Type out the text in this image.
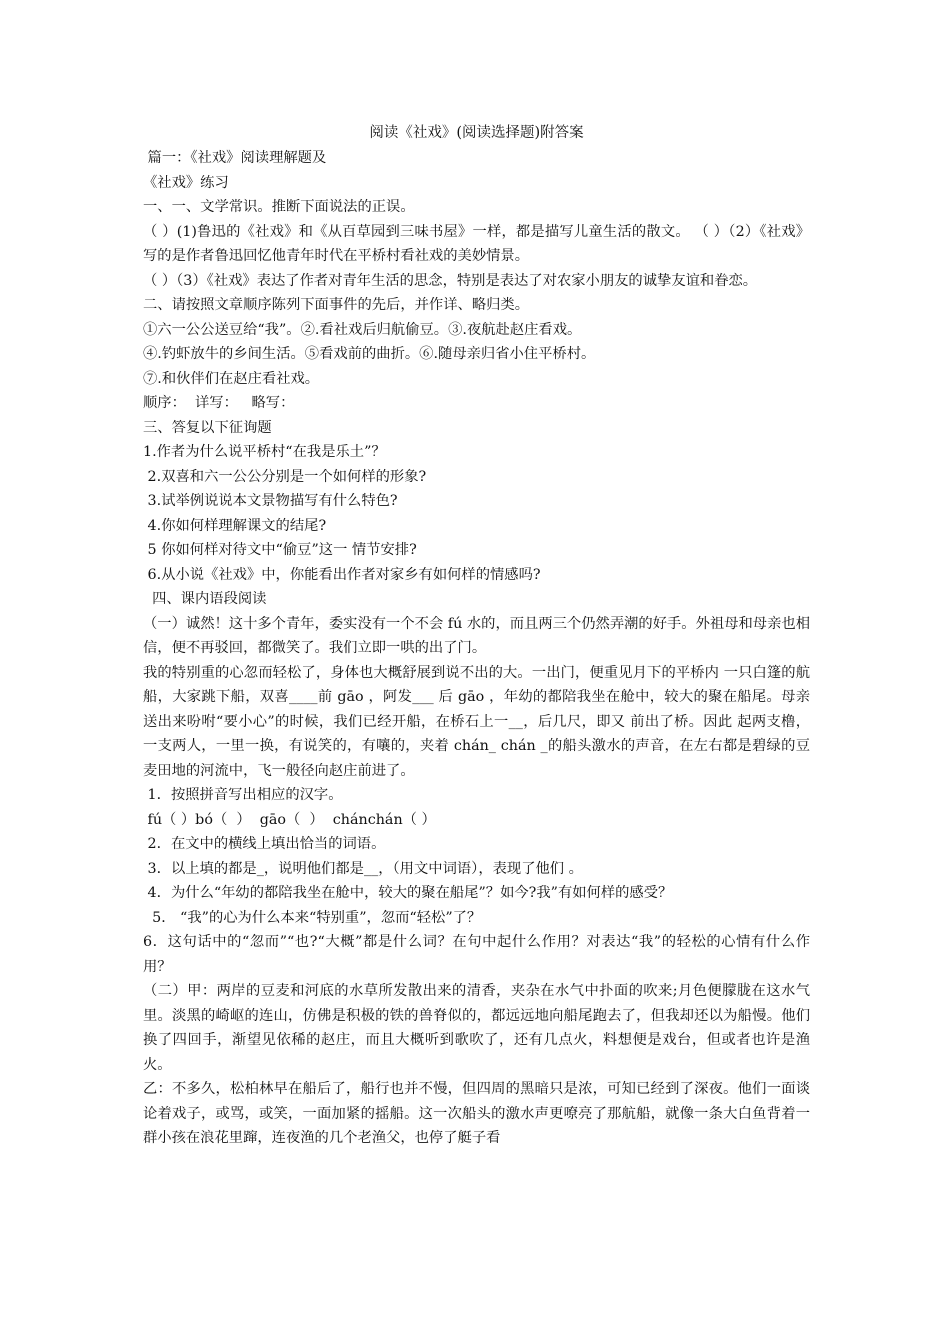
阅读《社戏》(阅读选择题)附答案

篇一：《社戏》阅读理解题及

《社戏》练习

一、一、文学常识。推断下面说法的正误。

（ ）(1)鲁迅的《社戏》和《从百草园到三味书屋》一样，都是描写儿童生活的散文。 （ ）（2）《社戏》写的是作者鲁迅回忆他青年时代在平桥村看社戏的美妙情景。

（ ）（3）《社戏》表达了作者对青年生活的思念，特别是表达了对农家小朋友的诚挚友谊和眷恋。

二、请按照文章顺序陈列下面事件的先后，并作详、略归类。

①六一公公送豆给“我”。②.看社戏后归航偷豆。③.夜航赴赵庄看戏。

④.钓虾放牛的乡间生活。⑤看戏前的曲折。⑥.随母亲归省小住平桥村。

⑦.和伙伴们在赵庄看社戏。

顺序：  详写：   略写：

三、答复以下征询题

1.作者为什么说平桥村“在我是乐土”？

2.双喜和六一公公分别是一个如何样的形象?

3.试举例说说本文景物描写有什么特色?

4.你如何样理解课文的结尾?

5 你如何样对待文中“偷豆”这一 情节安排?

6.从小说《社戏》中，你能看出作者对家乡有如何样的情感吗?

四、课内语段阅读

（一）诚然！这十多个青年，委实没有一个不会 fú 水的，而且两三个仍然弄潮的好手。外祖母和母亲也相信，便不再驳回，都微笑了。我们立即一哄的出了门。

我的特别重的心忽而轻松了，身体也大概舒展到说不出的大。一出门，便重见月下的平桥内 一只白篷的航船，大家跳下船，双喜____前 gāo ，阿发___ 后 gāo ，年幼的都陪我坐在舱中，较大的聚在船尾。母亲送出来吩咐“要小心”的时候，我们已经开船，在桥石上一__，后几尺，即又 前出了桥。因此 起两支橹，一支两人，一里一换，有说笑的，有嚷的，夹着 chán_ chán _的船头激水的声音，在左右都是碧绿的豆麦田地的河流中，飞一般径向赵庄前进了。

1．按照拼音写出相应的汉字。

fú（ ）bó（  ）  gāo（  ）  chánchán（ ）

2．在文中的横线上填出恰当的词语。

3．以上填的都是_，说明他们都是__，（用文中词语），表现了他们 。

4．为什么“年幼的都陪我坐在舱中，较大的聚在船尾”？如今?我”有如何样的感受？

5． “我”的心为什么本来“特别重”，忽而“轻松”了？

6．这句话中的“忽而”“也?“大概”都是什么词？在句中起什么作用？对表达“我”的轻松的心情有什么作用？

（二）甲：两岸的豆麦和河底的水草所发散出来的清香，夹杂在水气中扑面的吹来;月色便朦胧在这水气里。淡黑的崎岖的连山，仿佛是积极的铁的兽脊似的，都远远地向船尾跑去了，但我却还以为船慢。他们换了四回手，渐望见依稀的赵庄，而且大概听到歌吹了，还有几点火，料想便是戏台，但或者也许是渔火。

乙：不多久，松柏林早在船后了，船行也并不慢，但四周的黑暗只是浓，可知已经到了深夜。他们一面谈论着戏子，或骂，或笑，一面加紧的摇船。这一次船头的激水声更嘹亮了那航船，就像一条大白鱼背着一群小孩在浪花里蹿，连夜渔的几个老渔父，也停了艇子看
